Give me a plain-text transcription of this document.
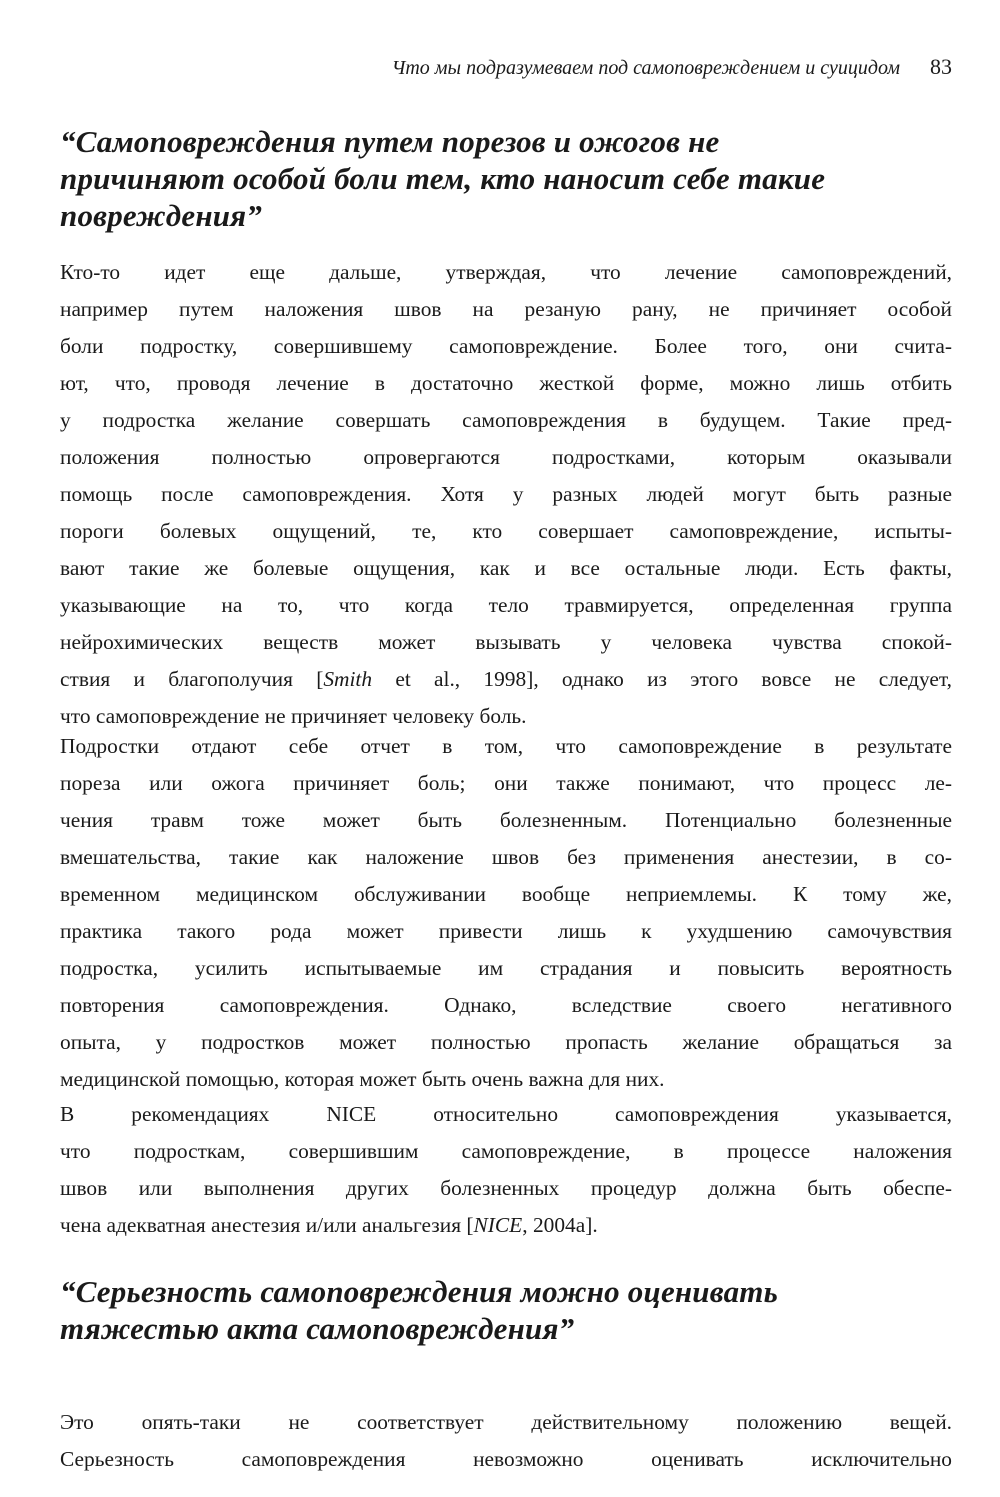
Что мы подразумеваем под самоповреждением и суицидом 83
“Самоповреждения путем порезов и ожогов не
причиняют особой боли тем, кто наносит себе такие
повреждения”

Кто-то идет еще дальше, утверждая, что лечение самоповреждений,
например путем наложения швов на резаную рану, не причиняет особой
боли подростку, совершившему самоповреждение. Более того, они счита-
ют, что, проводя лечение в достаточно жесткой форме, можно лишь отбить
у подростка желание совершать самоповреждения в будущем. Такие пред-
положения полностью опровергаются подростками, которым оказывали
помощь после самоповреждения. Хотя у разных людей могут быть разные
пороги болевых ощущений, те, кто совершает самоповреждение, испыты-
вают такие же болевые ощущения, как и все остальные люди. Есть факты,
указывающие на то, что когда тело травмируется, определенная группа
нейрохимических веществ может вызывать у человека чувства спокой-
ствия и благополучия [Smith et al., 1998], однако из этого вовсе не следует,
что самоповреждение не причиняет человеку боль.

Подростки отдают себе отчет в том, что самоповреждение в результате
пореза или ожога причиняет боль; они также понимают, что процесс ле-
чения травм тоже может быть болезненным. Потенциально болезненные
вмешательства, такие как наложение швов без применения анестезии, в со-
временном медицинском обслуживании вообще неприемлемы. К тому же,
практика такого рода может привести лишь к ухудшению самочувствия
подростка, усилить испытываемые им страдания и повысить вероятность
повторения самоповреждения. Однако, вследствие своего негативного
опыта, у подростков может полностью пропасть желание обращаться за
медицинской помощью, которая может быть очень важна для них.

В рекомендациях NICE относительно самоповреждения указывается,
что подросткам, совершившим самоповреждение, в процессе наложения
швов или выполнения других болезненных процедур должна быть обеспе-
чена адекватная анестезия и/или анальгезия [NICE, 2004a].

“Серьезность самоповреждения можно оценивать
тяжестью акта самоповреждения”

Это опять-таки не соответствует действительному положению вещей.
Серьезность самоповреждения невозможно оценивать исключительно
